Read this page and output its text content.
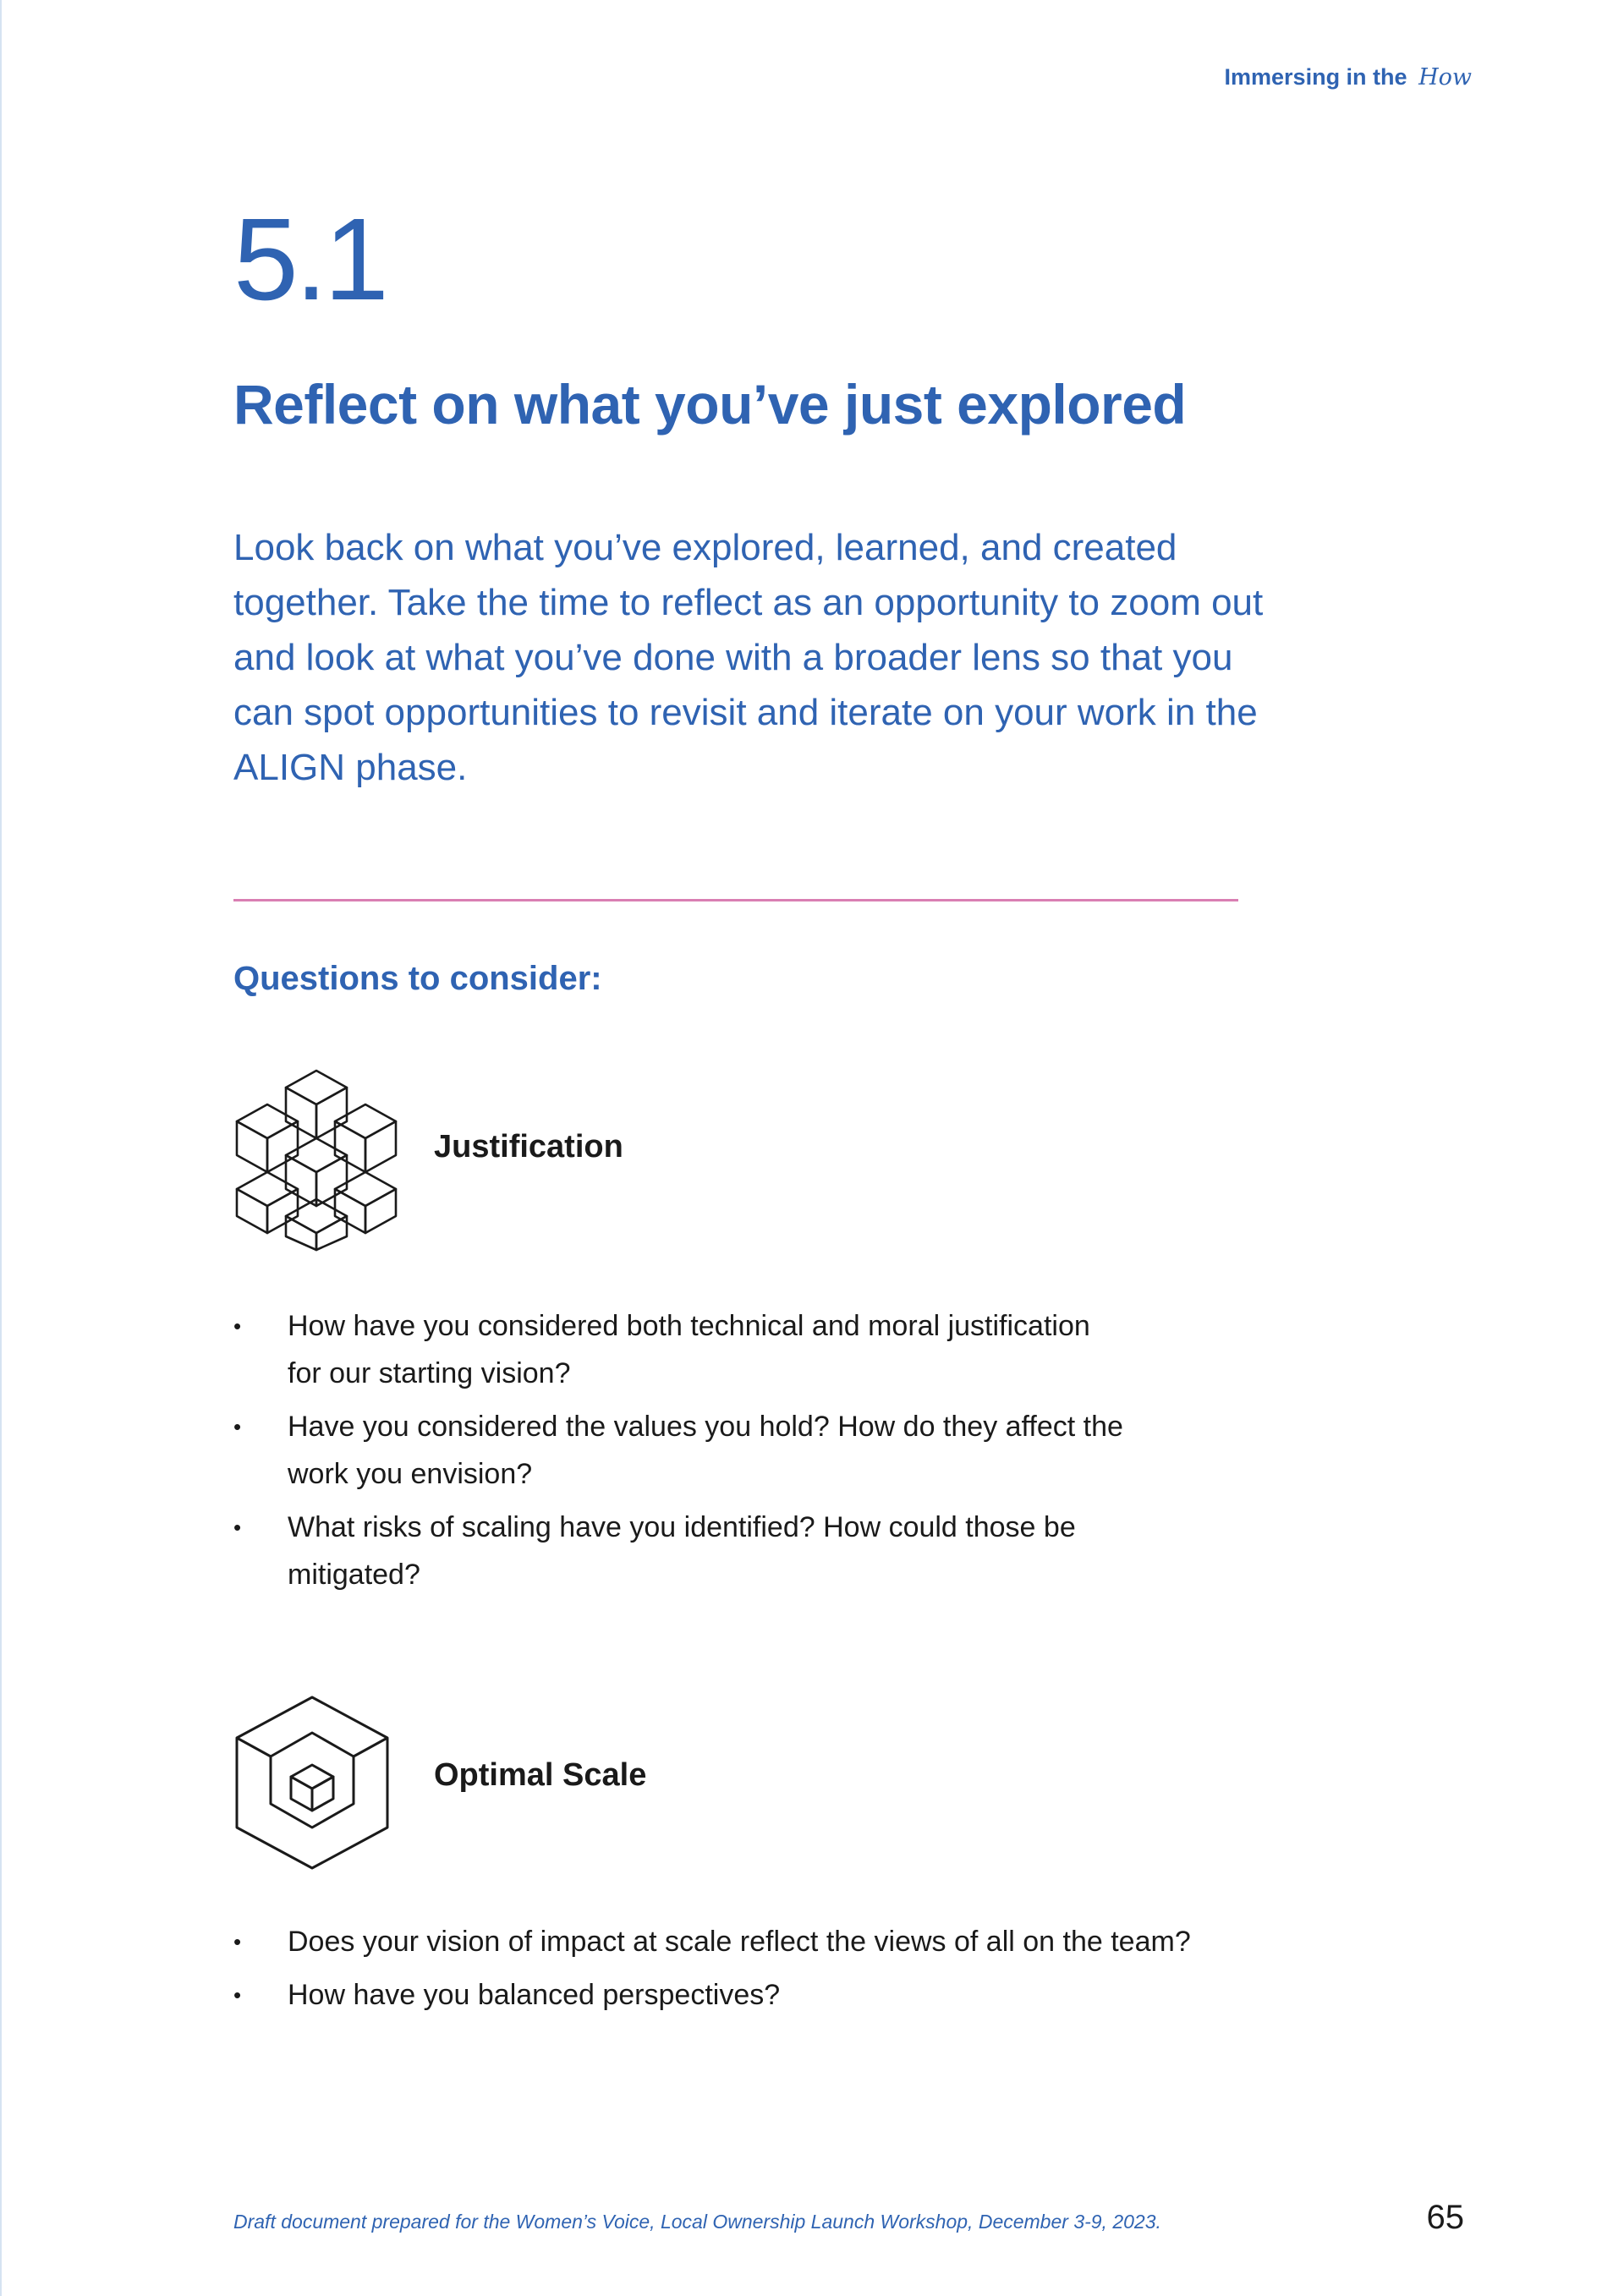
Immersing in the How
5.1
Reflect on what you’ve just explored
Look back on what you’ve explored, learned, and created together. Take the time to reflect as an opportunity to zoom out and look at what you’ve done with a broader lens so that you can spot opportunities to revisit and iterate on your work in the ALIGN phase.
Questions to consider:
Justification
• How have you considered both technical and moral justification for our starting vision?
• Have you considered the values you hold? How do they affect the work you envision?
• What risks of scaling have you identified? How could those be mitigated?
Optimal Scale
• Does your vision of impact at scale reflect the views of all on the team?
• How have you balanced perspectives?
Draft document prepared for the Women’s Voice, Local Ownership Launch Workshop, December 3-9, 2023.	65
